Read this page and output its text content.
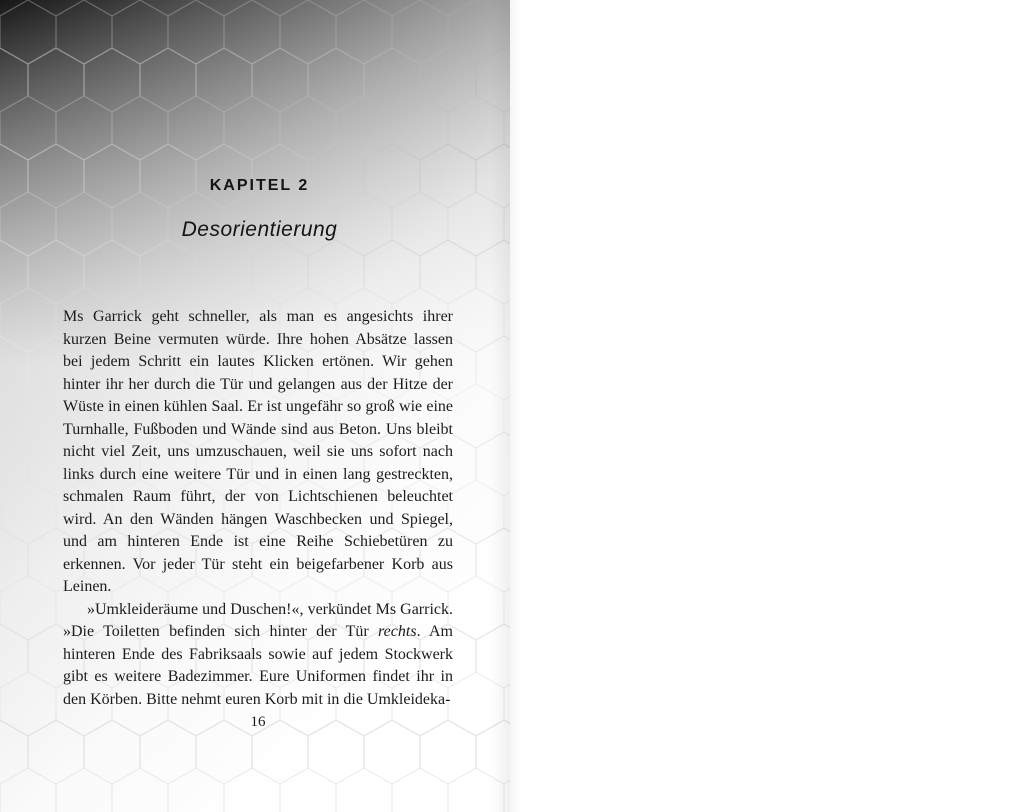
KAPITEL 2
Desorientierung

Ms Garrick geht schneller, als man es angesichts ihrer kurzen Beine vermuten würde. Ihre hohen Absätze lassen bei jedem Schritt ein lautes Klicken ertönen. Wir gehen hinter ihr her durch die Tür und gelangen aus der Hitze der Wüste in einen kühlen Saal. Er ist ungefähr so groß wie eine Turnhalle, Fußboden und Wände sind aus Beton. Uns bleibt nicht viel Zeit, uns umzuschauen, weil sie uns sofort nach links durch eine weitere Tür und in einen lang gestreckten, schmalen Raum führt, der von Lichtschienen beleuchtet wird. An den Wänden hängen Waschbecken und Spiegel, und am hinteren Ende ist eine Reihe Schiebetüren zu erkennen. Vor jeder Tür steht ein beigefarbener Korb aus Leinen.

»Umkleideräume und Duschen!«, verkündet Ms Garrick. »Die Toiletten befinden sich hinter der Tür rechts. Am hinteren Ende des Fabriksaals sowie auf jedem Stockwerk gibt es weitere Badezimmer. Eure Uniformen findet ihr in den Körben. Bitte nehmt euren Korb mit in die Umkleideka-

16
